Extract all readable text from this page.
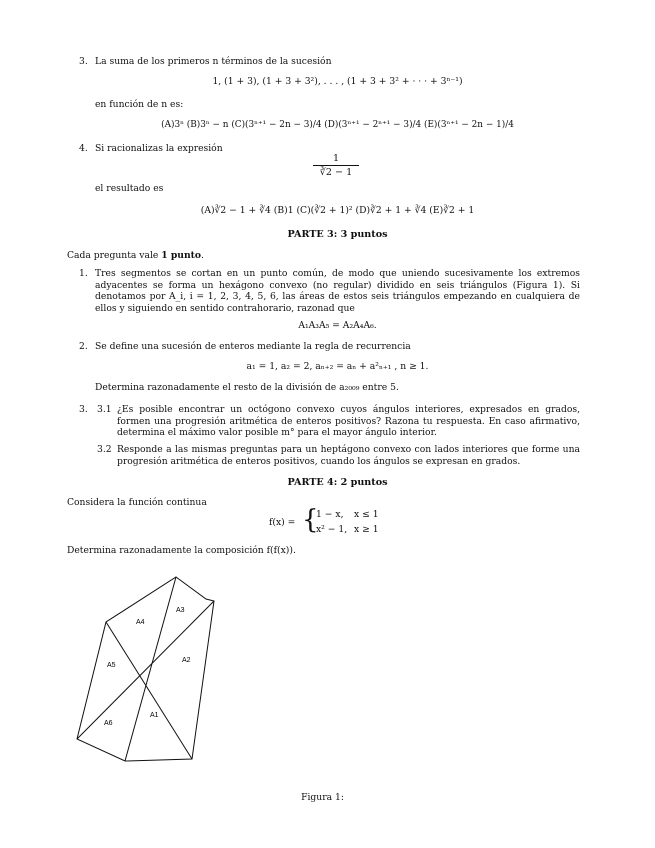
3. La suma de los primeros n términos de la sucesión
1, (1 + 3), (1 + 3 + 3²), . . . , (1 + 3 + 3² + · · · + 3ⁿ⁻¹)
en función de n es:
(A)3ⁿ (B)3ⁿ − n (C)(3ⁿ⁺¹ − 2n − 3)/4 (D)(3ⁿ⁺¹ − 2ⁿ⁺¹ − 3)/4 (E)(3ⁿ⁺¹ − 2n − 1)/4
4. Si racionalizas la expresión
1
∛2 − 1
el resultado es
(A)∛2 − 1 + ∛4 (B)1 (C)(∛2 + 1)² (D)∛2 + 1 + ∛4 (E)∛2 + 1
PARTE 3: 3 puntos
Cada pregunta vale 1 punto.
1. Tres segmentos se cortan en un punto común, de modo que uniendo sucesivamente los extremos adyacentes se forma un hexágono convexo (no regular) dividido en seis triángulos (Figura 1). Si denotamos por A_i, i = 1, 2, 3, 4, 5, 6, las áreas de estos seis triángulos empezando en cualquiera de ellos y siguiendo en sentido contrahorario, razonad que
A₁A₃A₅ = A₂A₄A₆.
2. Se define una sucesión de enteros mediante la regla de recurrencia
a₁ = 1, a₂ = 2, aₙ₊₂ = aₙ + a²ₙ₊₁ , n ≥ 1.
Determina razonadamente el resto de la división de a₂₀₀₉ entre 5.
3. 3.1 ¿Es posible encontrar un octógono convexo cuyos ángulos interiores, expresados en grados, formen una progresión aritmética de enteros positivos? Razona tu respuesta. En caso afirmativo, determina el máximo valor posible m° para el mayor ángulo interior.
3.2 Responde a las mismas preguntas para un heptágono convexo con lados interiores que forme una progresión aritmética de enteros positivos, cuando los ángulos se expresan en grados.
PARTE 4: 2 puntos
Considera la función continua
f(x) = {
1 − x, x ≤ 1
x² − 1, x ≥ 1
Determina razonadamente la composición f(f(x)).
A3
A4
A2
A5
A1
A6
Figura 1:
